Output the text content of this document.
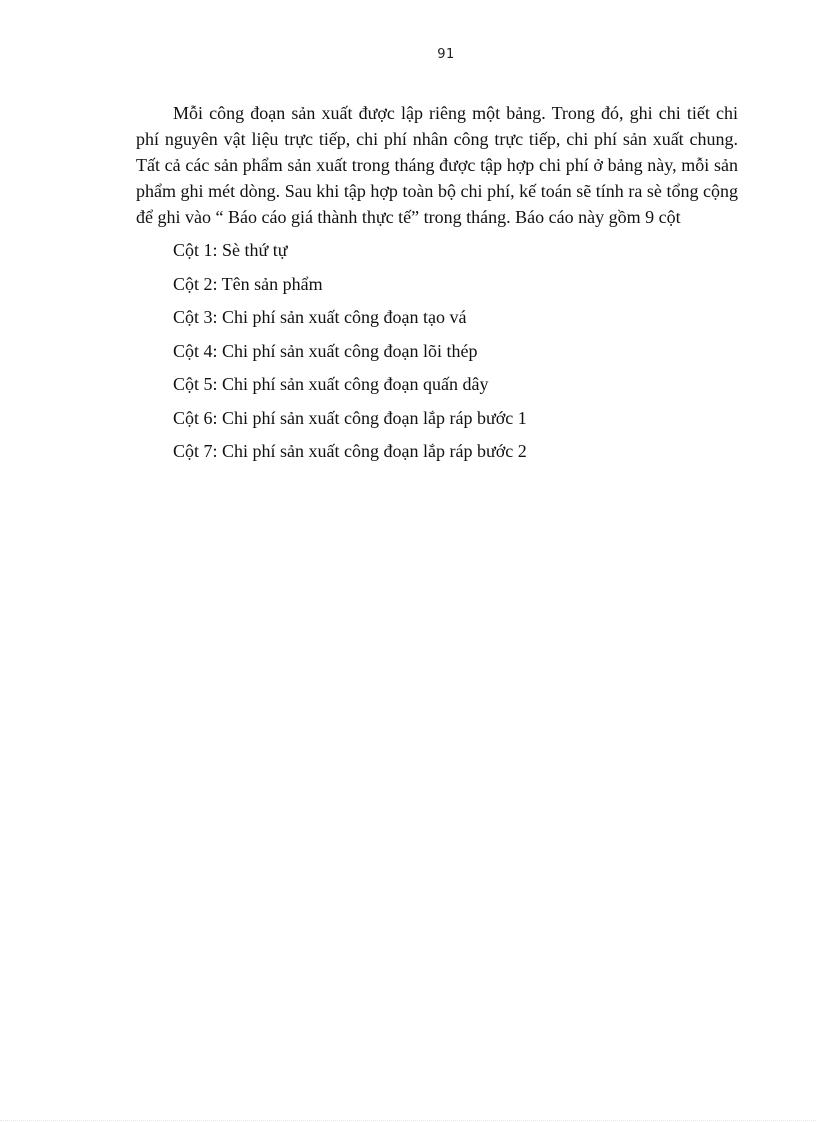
91

Mỗi công đoạn sản xuất được lập riêng một bảng. Trong đó, ghi chi tiết chi phí nguyên vật liệu trực tiếp, chi phí nhân công trực tiếp, chi phí sản xuất chung. Tất cả các sản phẩm sản xuất trong tháng được tập hợp chi phí ở bảng này, mỗi sản phẩm ghi mét dòng. Sau khi tập hợp toàn bộ chi phí, kế toán sẽ tính ra sè tổng cộng để ghi vào “ Báo cáo giá thành thực tế” trong tháng. Báo cáo này gồm 9 cột

Cột 1: Sè thứ tự
Cột 2: Tên sản phẩm
Cột 3: Chi phí sản xuất công đoạn tạo vá
Cột 4: Chi phí sản xuất công đoạn lõi thép
Cột 5: Chi phí sản xuất công đoạn quấn dây
Cột 6: Chi phí sản xuất công đoạn lắp ráp bước 1
Cột 7: Chi phí sản xuất công đoạn lắp ráp bước 2
